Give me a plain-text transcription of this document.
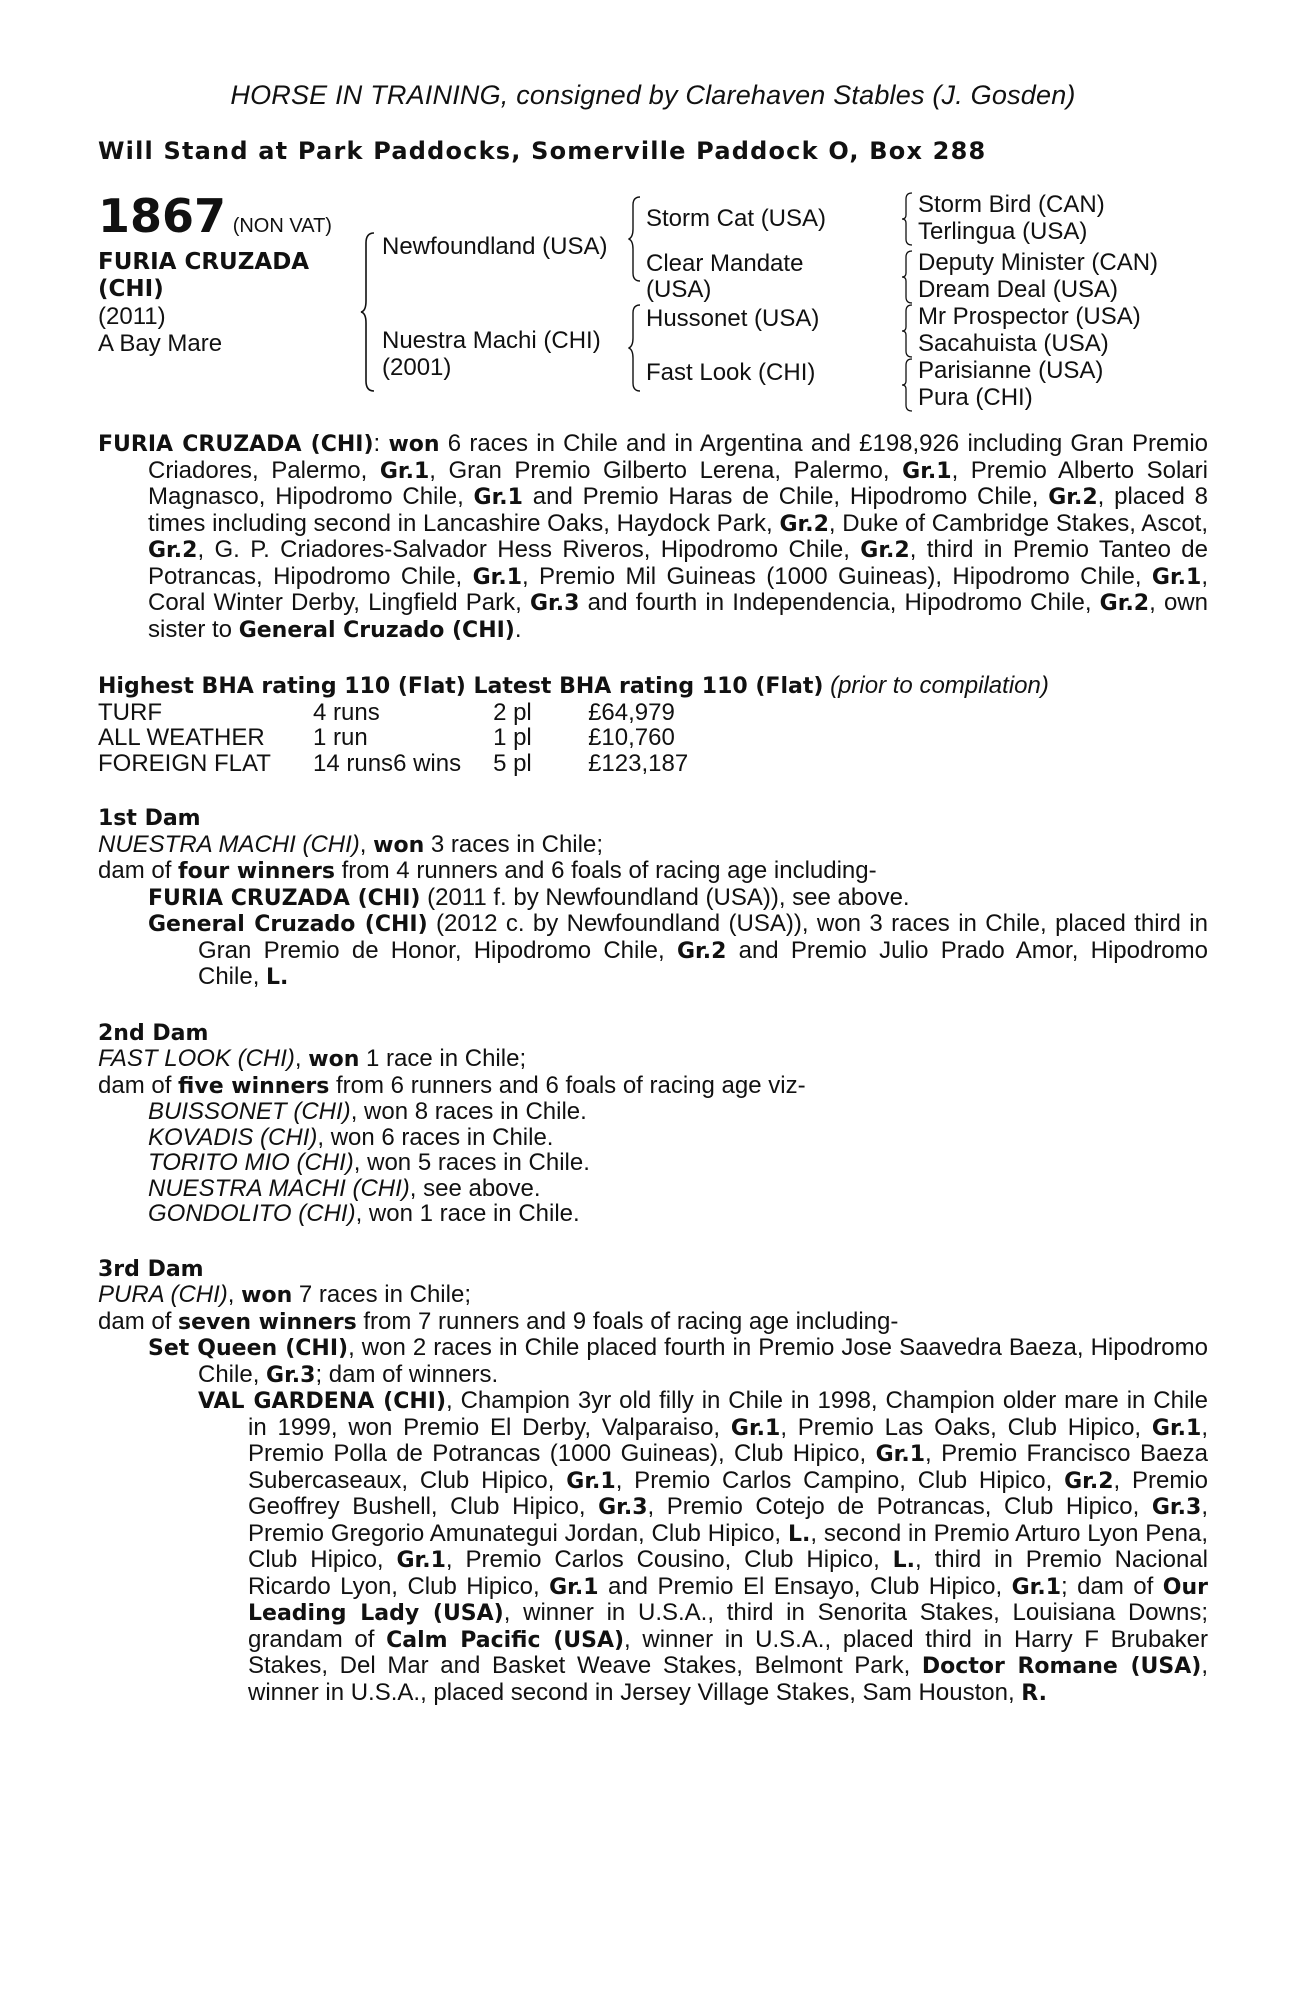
HORSE IN TRAINING, consigned by Clarehaven Stables (J. Gosden)

Will Stand at Park Paddocks, Somerville Paddock O, Box 288

1867 (NON VAT)
FURIA CRUZADA
(CHI)
(2011)
A Bay Mare
Newfoundland (USA)
Nuestra Machi (CHI)
(2001)
Storm Cat (USA)
Clear Mandate
(USA)
Hussonet (USA)
Fast Look (CHI)
Storm Bird (CAN)
Terlingua (USA)
Deputy Minister (CAN)
Dream Deal (USA)
Mr Prospector (USA)
Sacahuista (USA)
Parisianne (USA)
Pura (CHI)

FURIA CRUZADA (CHI): won 6 races in Chile and in Argentina and £198,926 including Gran Premio Criadores, Palermo, Gr.1, Gran Premio Gilberto Lerena, Palermo, Gr.1, Premio Alberto Solari Magnasco, Hipodromo Chile, Gr.1 and Premio Haras de Chile, Hipodromo Chile, Gr.2, placed 8 times including second in Lancashire Oaks, Haydock Park, Gr.2, Duke of Cambridge Stakes, Ascot, Gr.2, G. P. Criadores-Salvador Hess Riveros, Hipodromo Chile, Gr.2, third in Premio Tanteo de Potrancas, Hipodromo Chile, Gr.1, Premio Mil Guineas (1000 Guineas), Hipodromo Chile, Gr.1, Coral Winter Derby, Lingfield Park, Gr.3 and fourth in Independencia, Hipodromo Chile, Gr.2, own sister to General Cruzado (CHI).

Highest BHA rating 110 (Flat) Latest BHA rating 110 (Flat) (prior to compilation)

TURF	4 runs		2 pl	£64,979
ALL WEATHER	1 run		1 pl	£10,760
FOREIGN FLAT	14 runs	6 wins	5 pl	£123,187

1st Dam

NUESTRA MACHI (CHI), won 3 races in Chile;

dam of four winners from 4 runners and 6 foals of racing age including-

FURIA CRUZADA (CHI) (2011 f. by Newfoundland (USA)), see above.

General Cruzado (CHI) (2012 c. by Newfoundland (USA)), won 3 races in Chile, placed third in Gran Premio de Honor, Hipodromo Chile, Gr.2 and Premio Julio Prado Amor, Hipodromo Chile, L.

2nd Dam

FAST LOOK (CHI), won 1 race in Chile;

dam of five winners from 6 runners and 6 foals of racing age viz-

BUISSONET (CHI), won 8 races in Chile.

KOVADIS (CHI), won 6 races in Chile.

TORITO MIO (CHI), won 5 races in Chile.

NUESTRA MACHI (CHI), see above.

GONDOLITO (CHI), won 1 race in Chile.

3rd Dam

PURA (CHI), won 7 races in Chile;

dam of seven winners from 7 runners and 9 foals of racing age including-

Set Queen (CHI), won 2 races in Chile placed fourth in Premio Jose Saavedra Baeza, Hipodromo Chile, Gr.3; dam of winners.

VAL GARDENA (CHI), Champion 3yr old filly in Chile in 1998, Champion older mare in Chile in 1999, won Premio El Derby, Valparaiso, Gr.1, Premio Las Oaks, Club Hipico, Gr.1, Premio Polla de Potrancas (1000 Guineas), Club Hipico, Gr.1, Premio Francisco Baeza Subercaseaux, Club Hipico, Gr.1, Premio Carlos Campino, Club Hipico, Gr.2, Premio Geoffrey Bushell, Club Hipico, Gr.3, Premio Cotejo de Potrancas, Club Hipico, Gr.3, Premio Gregorio Amunategui Jordan, Club Hipico, L., second in Premio Arturo Lyon Pena, Club Hipico, Gr.1, Premio Carlos Cousino, Club Hipico, L., third in Premio Nacional Ricardo Lyon, Club Hipico, Gr.1 and Premio El Ensayo, Club Hipico, Gr.1; dam of Our Leading Lady (USA), winner in U.S.A., third in Senorita Stakes, Louisiana Downs; grandam of Calm Pacific (USA), winner in U.S.A., placed third in Harry F Brubaker Stakes, Del Mar and Basket Weave Stakes, Belmont Park, Doctor Romane (USA), winner in U.S.A., placed second in Jersey Village Stakes, Sam Houston, R.
